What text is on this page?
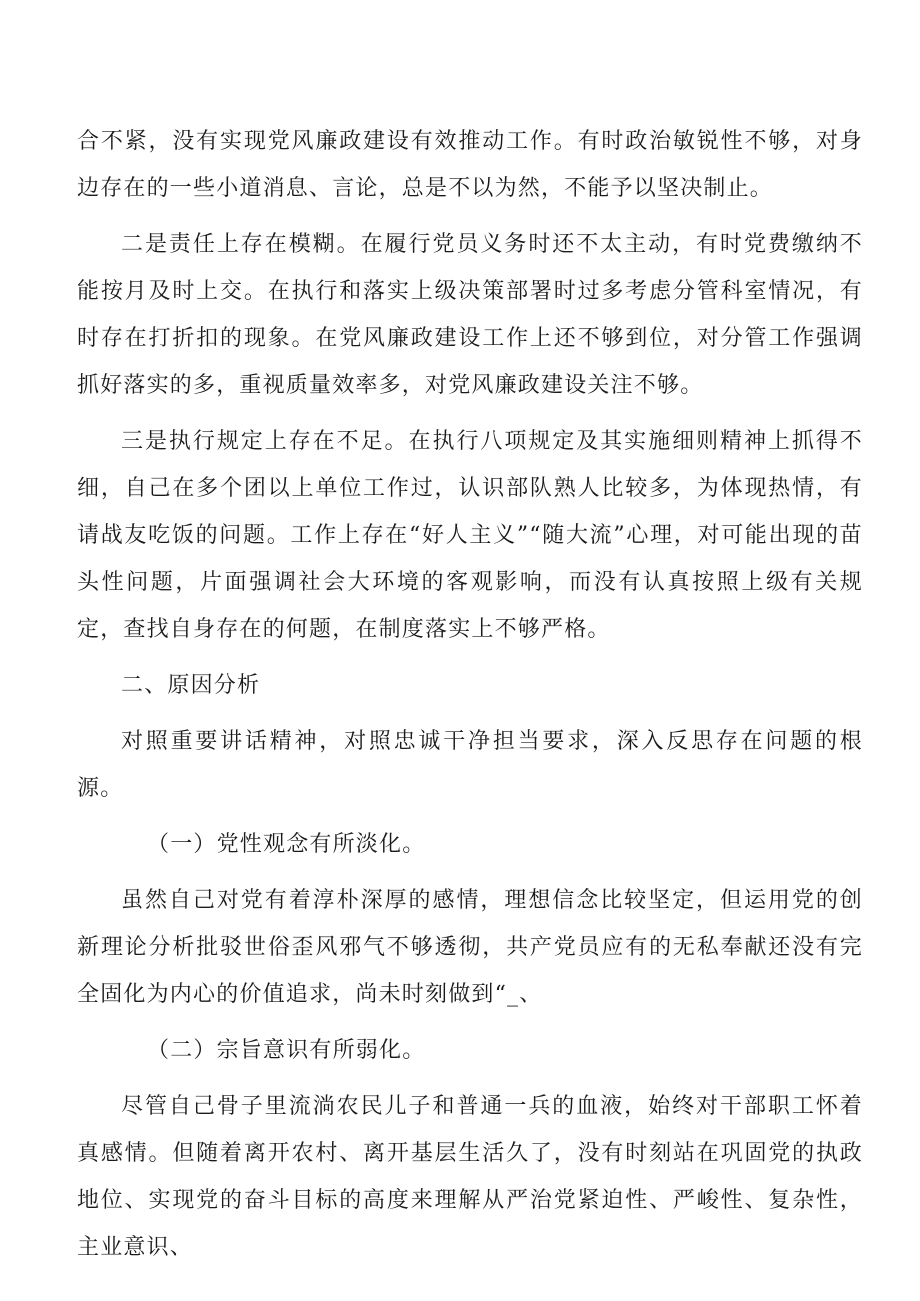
合不紧，没有实现党风廉政建设有效推动工作。有时政治敏锐性不够，对身边存在的一些小道消息、言论，总是不以为然，不能予以坚决制止。

二是责任上存在模糊。在履行党员义务时还不太主动，有时党费缴纳不能按月及时上交。在执行和落实上级决策部署时过多考虑分管科室情况，有时存在打折扣的现象。在党风廉政建设工作上还不够到位，对分管工作强调抓好落实的多，重视质量效率多，对党风廉政建设关注不够。

三是执行规定上存在不足。在执行八项规定及其实施细则精神上抓得不细，自己在多个团以上单位工作过，认识部队熟人比较多，为体现热情，有请战友吃饭的问题。工作上存在“好人主义”“随大流”心理，对可能出现的苗头性问题，片面强调社会大环境的客观影响，而没有认真按照上级有关规定，查找自身存在的何题，在制度落实上不够严格。

二、原因分析

对照重要讲话精神，对照忠诚干净担当要求，深入反思存在问题的根源。

（一）党性观念有所淡化。

虽然自己对党有着淳朴深厚的感情，理想信念比较坚定，但运用党的创新理论分析批驳世俗歪风邪气不够透彻，共产党员应有的无私奉献还没有完全固化为内心的价值追求，尚未时刻做到“_、

（二）宗旨意识有所弱化。

尽管自己骨子里流淌农民儿子和普通一兵的血液，始终对干部职工怀着真感情。但随着离开农村、离开基层生活久了，没有时刻站在巩固党的执政地位、实现党的奋斗目标的高度来理解从严治党紧迫性、严峻性、复杂性，主业意识、
